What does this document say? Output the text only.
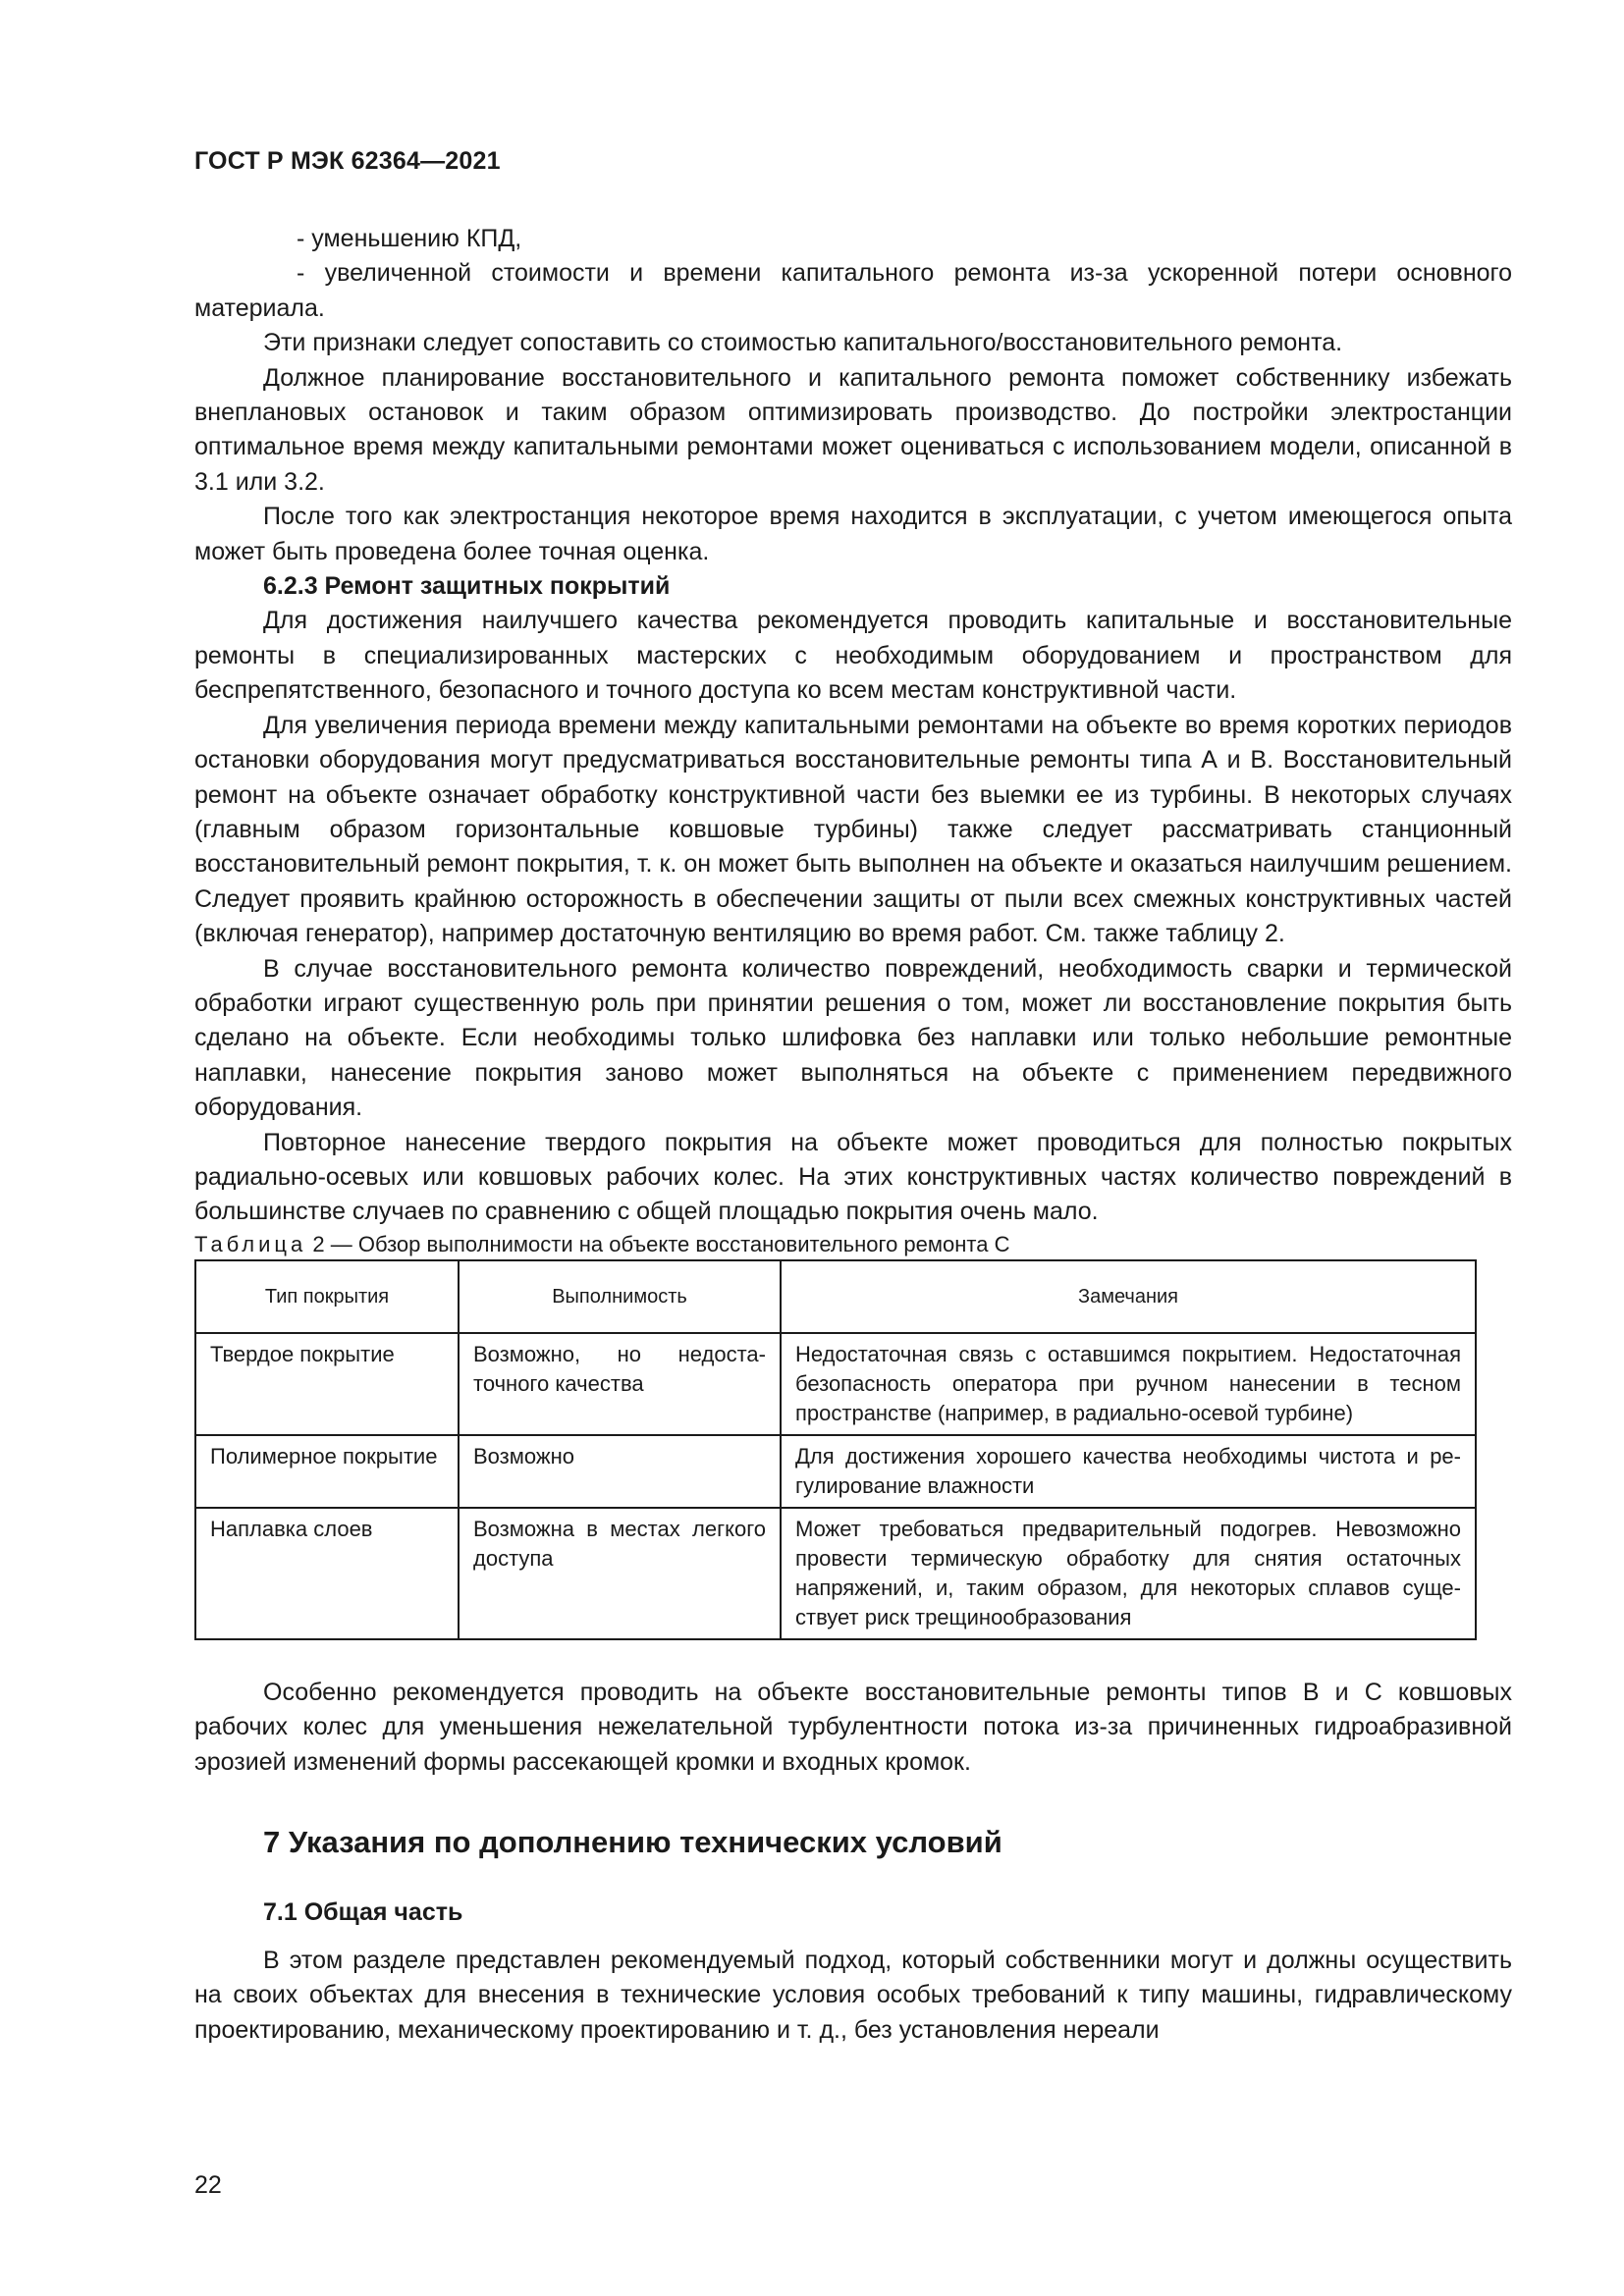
ГОСТ Р МЭК 62364—2021

- уменьшению КПД,

- увеличенной стоимости и времени капитального ремонта из-за ускоренной потери основного материала.

Эти признаки следует сопоставить со стоимостью капитального/восстановительного ремонта.

Должное планирование восстановительного и капитального ремонта поможет собственнику избежать внеплановых остановок и таким образом оптимизировать производство. До постройки электростанции оптимальное время между капитальными ремонтами может оцениваться с использованием модели, описанной в 3.1 или 3.2.

После того как электростанция некоторое время находится в эксплуатации, с учетом имеющегося опыта может быть проведена более точная оценка.

6.2.3 Ремонт защитных покрытий

Для достижения наилучшего качества рекомендуется проводить капитальные и восстановительные ремонты в специализированных мастерских с необходимым оборудованием и пространством для беспрепятственного, безопасного и точного доступа ко всем местам конструктивной части.

Для увеличения периода времени между капитальными ремонтами на объекте во время коротких периодов остановки оборудования могут предусматриваться восстановительные ремонты типа А и В. Восстановительный ремонт на объекте означает обработку конструктивной части без выемки ее из турбины. В некоторых случаях (главным образом горизонтальные ковшовые турбины) также следует рассматривать станционный восстановительный ремонт покрытия, т. к. он может быть выполнен на объекте и оказаться наилучшим решением. Следует проявить крайнюю осторожность в обеспечении защиты от пыли всех смежных конструктивных частей (включая генератор), например достаточную вентиляцию во время работ. См. также таблицу 2.

В случае восстановительного ремонта количество повреждений, необходимость сварки и термической обработки играют существенную роль при принятии решения о том, может ли восстановление покрытия быть сделано на объекте. Если необходимы только шлифовка без наплавки или только небольшие ремонтные наплавки, нанесение покрытия заново может выполняться на объекте с применением передвижного оборудования.

Повторное нанесение твердого покрытия на объекте может проводиться для полностью покрытых радиально-осевых или ковшовых рабочих колес. На этих конструктивных частях количество повреждений в большинстве случаев по сравнению с общей площадью покрытия очень мало.

Таблица 2 — Обзор выполнимости на объекте восстановительного ремонта С

Тип покрытия	Выполнимость	Замечания
Твердое покрытие	Возможно, но недостаточного качества	Недостаточная связь с оставшимся покрытием. Недостаточная безопасность оператора при ручном нанесении в тесном пространстве (например, в радиально-осевой турбине)
Полимерное покрытие	Возможно	Для достижения хорошего качества необходимы чистота и регулирование влажности
Наплавка слоев	Возможна в местах легкого доступа	Может требоваться предварительный подогрев. Невозможно провести термическую обработку для снятия остаточных напряжений, и, таким образом, для некоторых сплавов существует риск трещинообразования

Особенно рекомендуется проводить на объекте восстановительные ремонты типов В и С ковшовых рабочих колес для уменьшения нежелательной турбулентности потока из-за причиненных гидроабразивной эрозией изменений формы рассекающей кромки и входных кромок.

7 Указания по дополнению технических условий
7.1 Общая часть

В этом разделе представлен рекомендуемый подход, который собственники могут и должны осуществить на своих объектах для внесения в технические условия особых требований к типу машины, гидравлическому проектированию, механическому проектированию и т. д., без установления нереали

22
